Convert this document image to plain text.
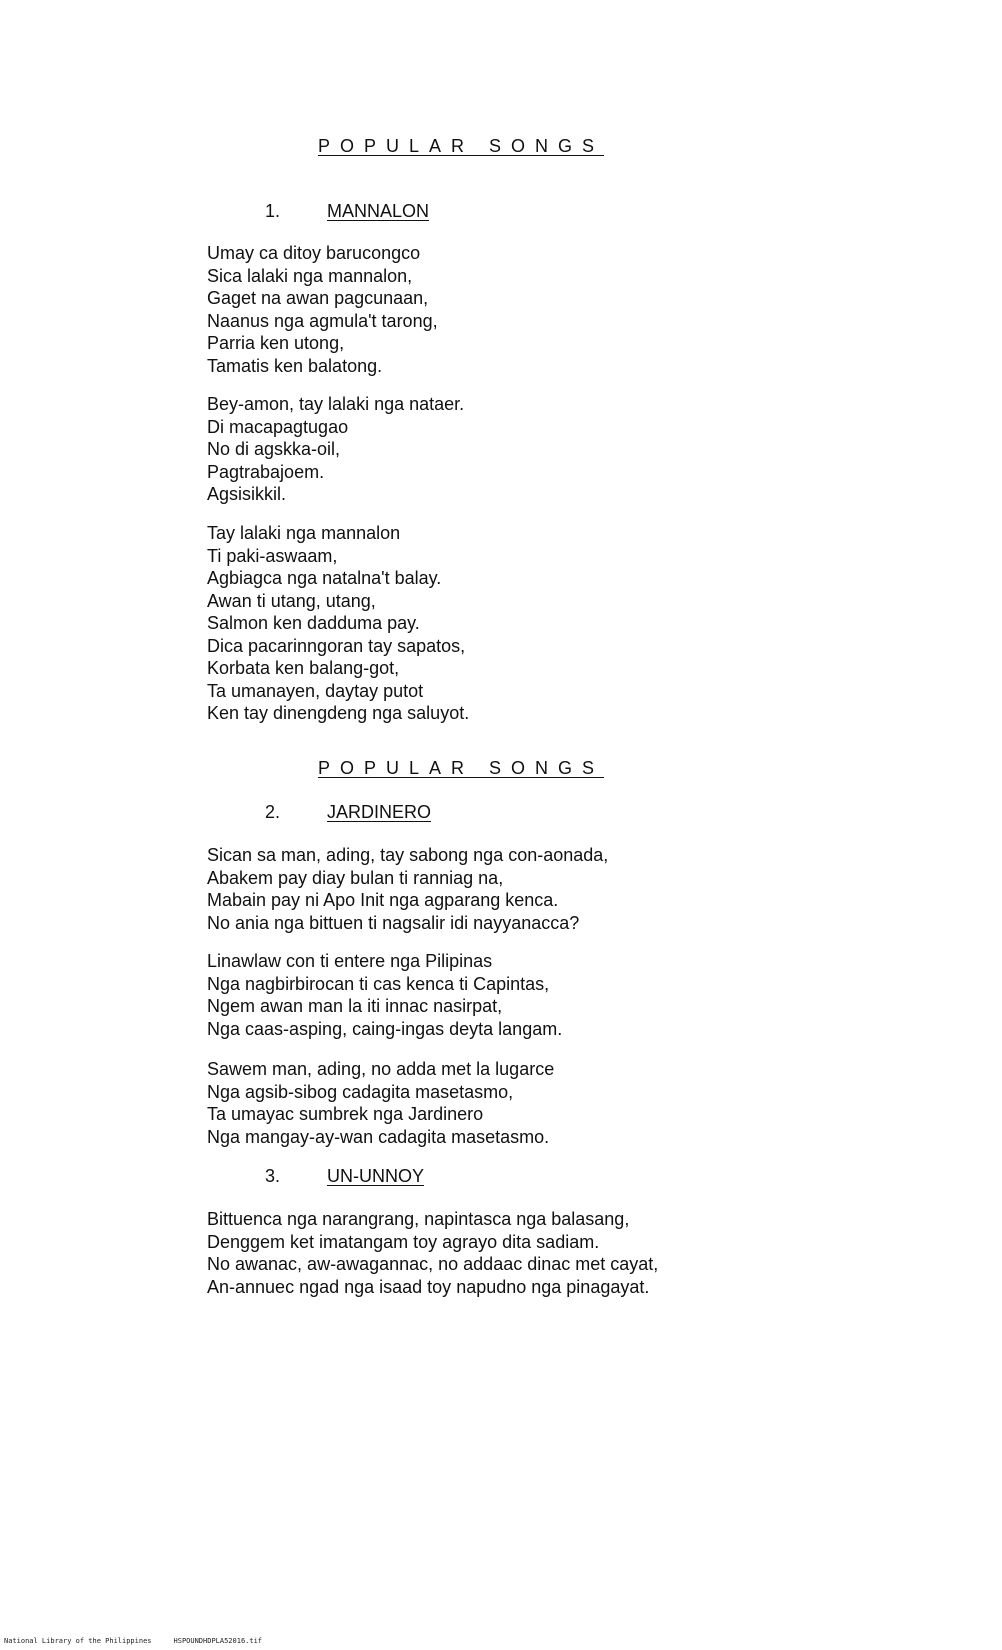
POPULAR SONGS
1.	MANNALON
Umay ca ditoy barucongco
Sica lalaki nga mannalon,
Gaget na awan pagcunaan,
Naanus nga agmula't tarong,
Parria ken utong,
Tamatis ken balatong.
Bey-amon, tay lalaki nga nataer.
Di macapagtugao
No di agskka-oil,
Pagtrabajoem.
Agsisikkil.
Tay lalaki nga mannalon
Ti paki-aswaam,
Agbiagca nga natalna't balay.
Awan ti utang, utang,
Salmon ken dadduma pay.
Dica pacarinngoran tay sapatos,
Korbata ken balang-got,
Ta umanayen, daytay putot
Ken tay dinengdeng nga saluyot.
POPULAR SONGS
2.	JARDINERO
Sican sa man, ading, tay sabong nga con-aonada,
Abakem pay diay bulan ti ranniag na,
Mabain pay ni Apo Init nga agparang kenca.
No ania nga bittuen ti nagsalir idi nayyanacca?
Linawlaw con ti entere nga Pilipinas
Nga nagbirbirocan ti cas kenca ti Capintas,
Ngem awan man la iti innac nasirpat,
Nga caas-asping, caing-ingas deyta langam.
Sawem man, ading, no adda met la lugarce
Nga agsib-sibog cadagita masetasmo,
Ta umayac sumbrek nga Jardinero
Nga mangay-ay-wan cadagita masetasmo.
3.	UN-UNNOY
Bittuenca nga narangrang, napintasca nga balasang,
Denggem ket imatangam toy agrayo dita sadiam.
No awanac, aw-awagannac, no addaac dinac met cayat,
An-annuec ngad nga isaad toy napudno nga pinagayat.
National Library of the Philippines	HSPOUNDHDPLA52016.tif
